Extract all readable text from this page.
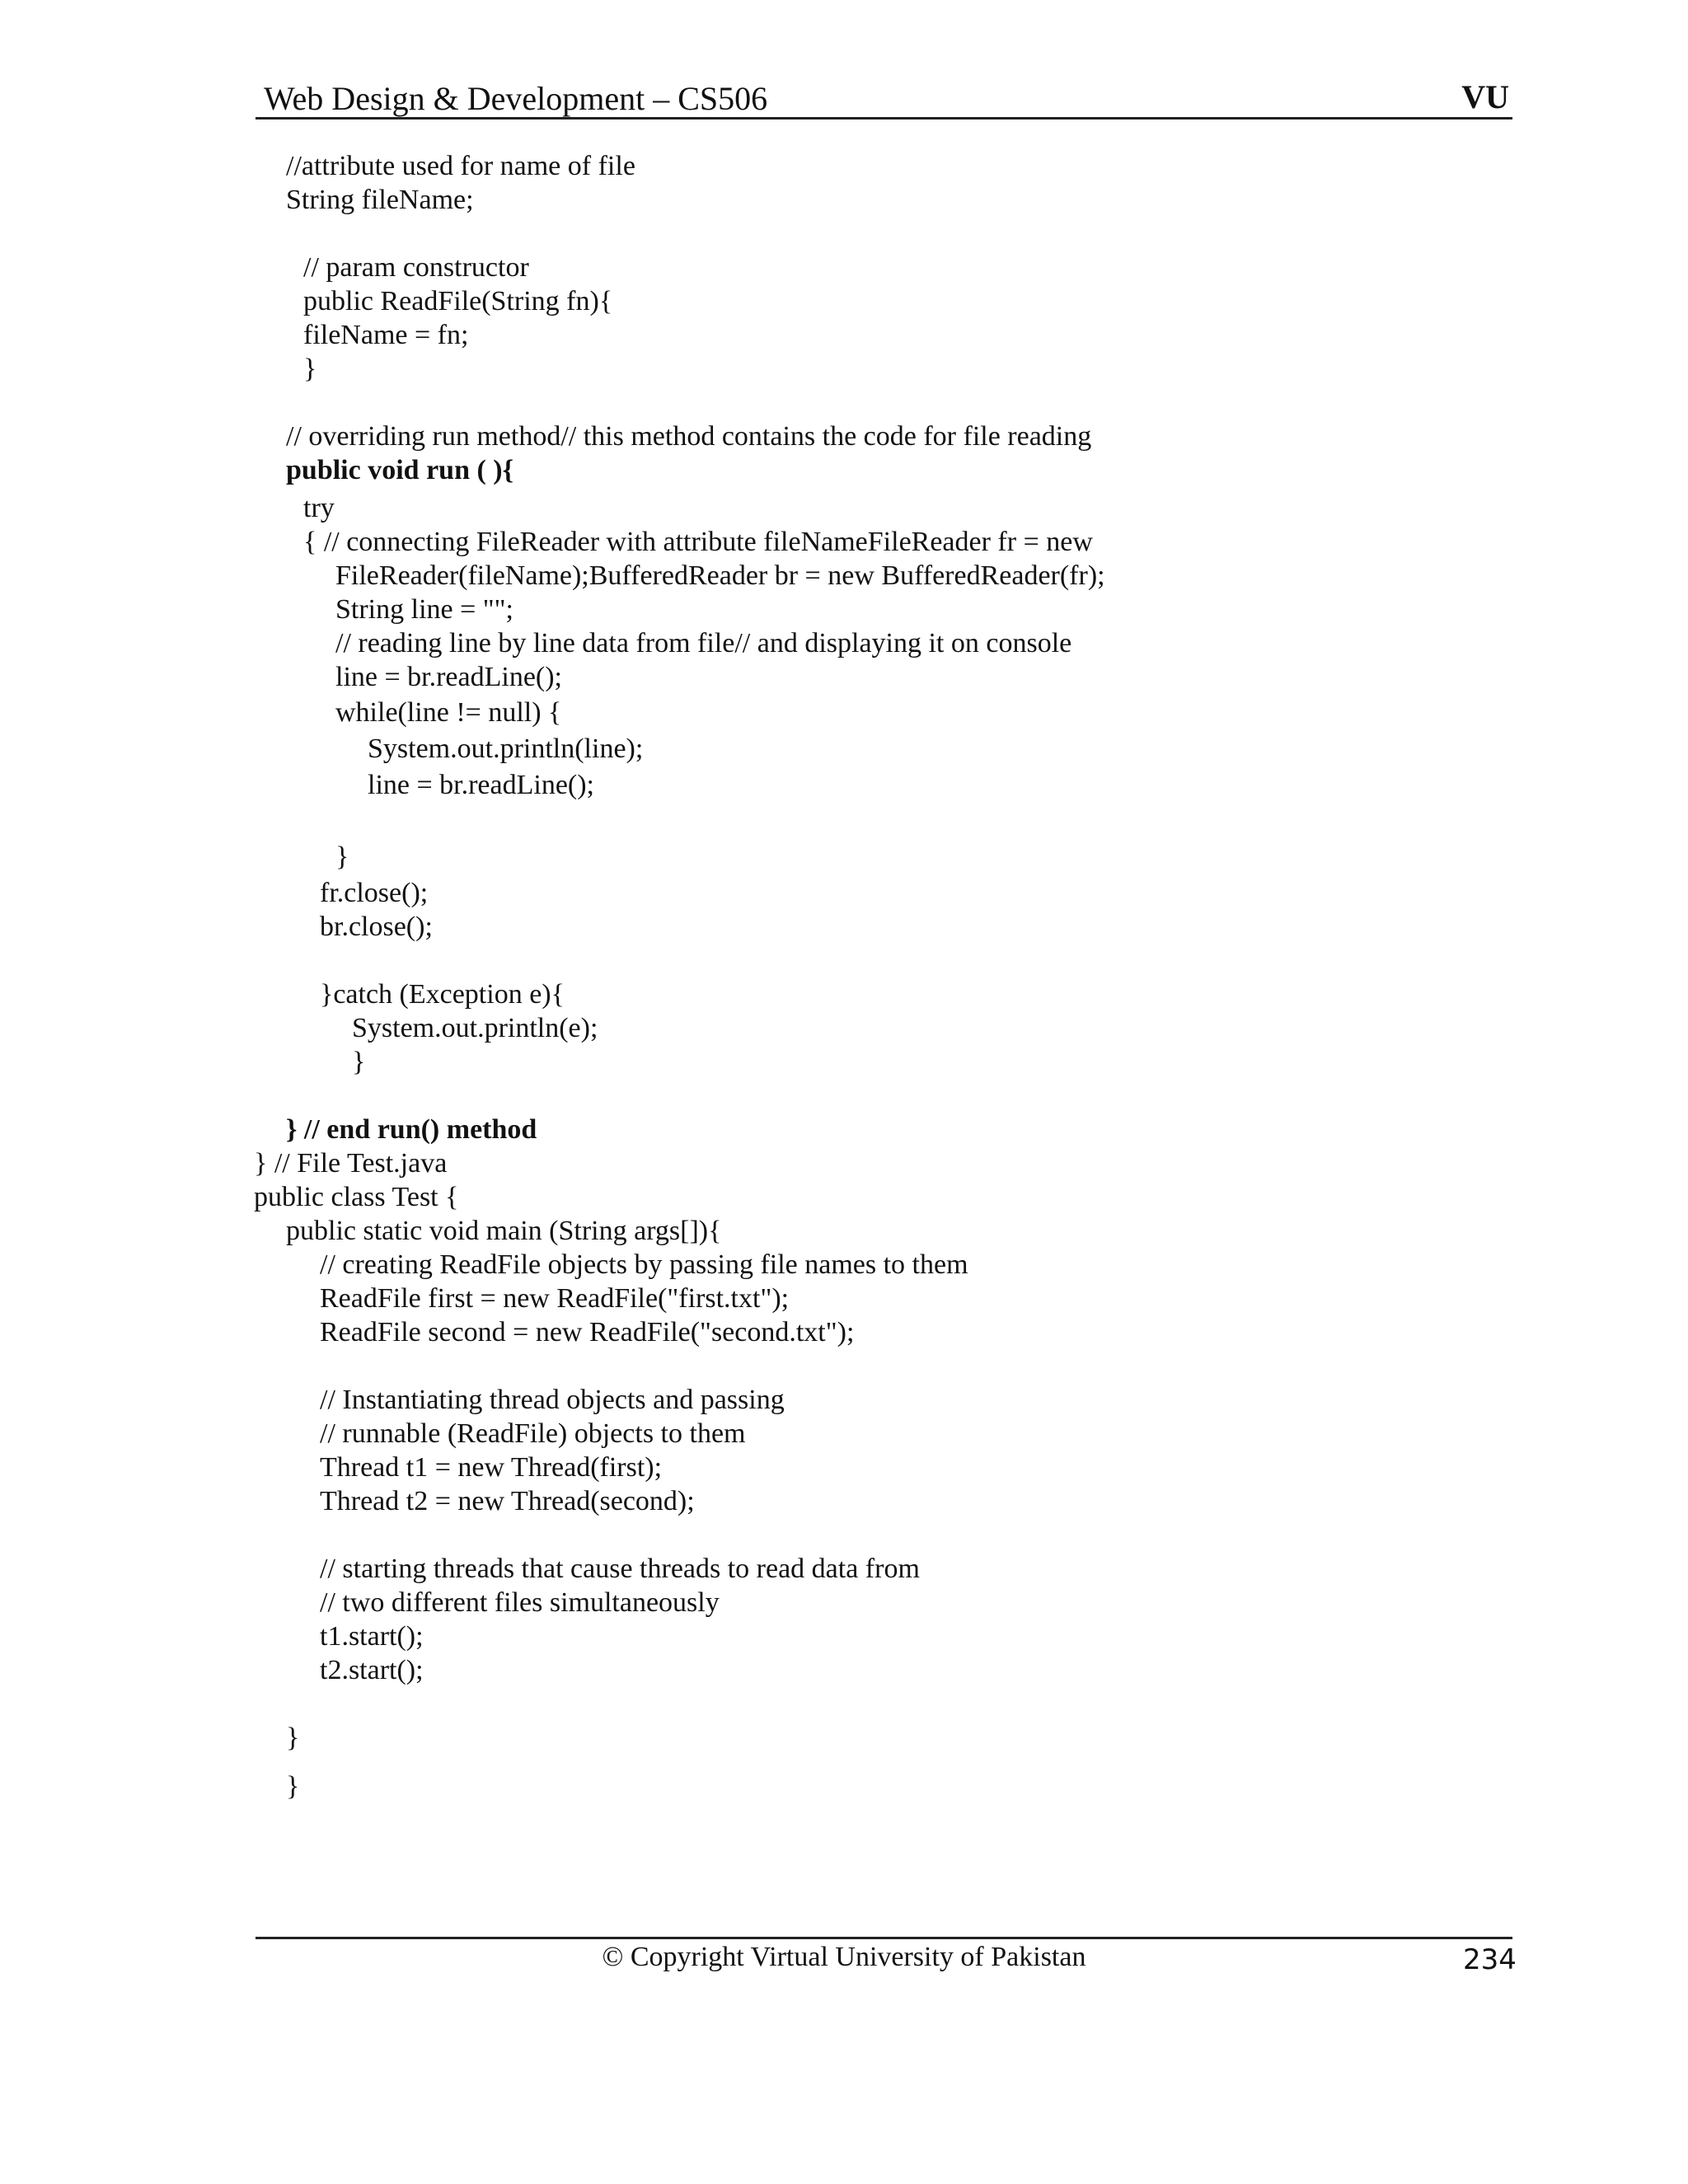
Web Design & Development – CS506	VU
//attribute used for name of file
String fileName;
// param constructor
public ReadFile(String fn){
fileName = fn;
}
// overriding run method// this method contains the code for file reading
public void run ( ){
try
{ // connecting FileReader with attribute fileNameFileReader fr = new
FileReader(fileName);BufferedReader br = new BufferedReader(fr);
String line = "";
// reading line by line data from file// and displaying it on console
line = br.readLine();
while(line != null) {
System.out.println(line);
line = br.readLine();
}
fr.close();
br.close();
}catch (Exception e){
System.out.println(e);
}
} // end run() method
} // File Test.java
public class Test {
public static void main (String args[]){
// creating ReadFile objects by passing file names to them
ReadFile first = new ReadFile("first.txt");
ReadFile second = new ReadFile("second.txt");
// Instantiating thread objects and passing
// runnable (ReadFile) objects to them
Thread t1 = new Thread(first);
Thread t2 = new Thread(second);
// starting threads that cause threads to read data from
// two different files simultaneously
t1.start();
t2.start();
}
}
© Copyright Virtual University of Pakistan	234
